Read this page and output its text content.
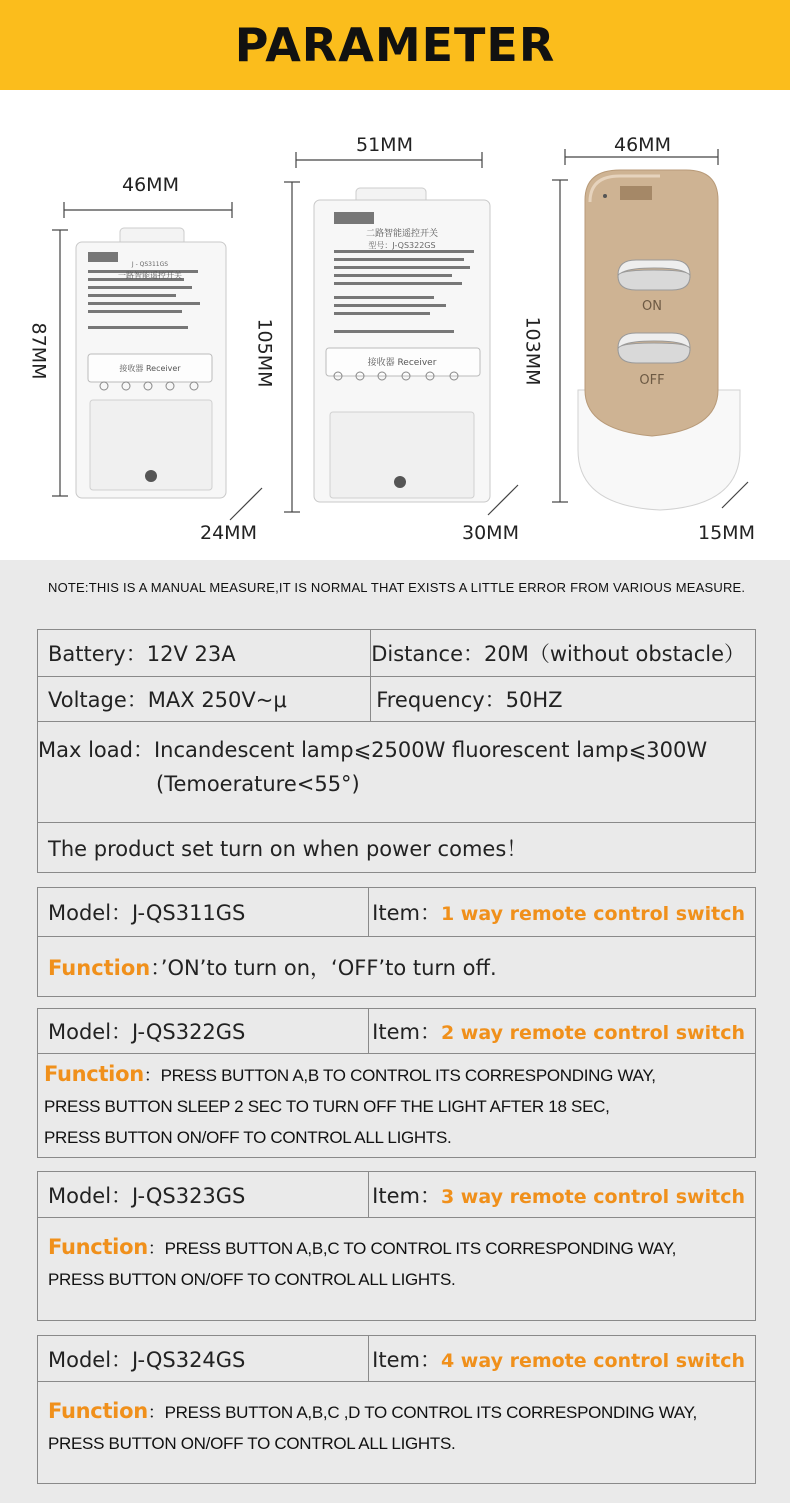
PARAMETER
一路智能遥控开关
J - QS311GS
接收器 Receiver
二路智能遥控开关
型号：J-QS322GS
接收器 Receiver
ON
OFF
46MM
87MM
24MM
51MM
105MM
30MM
46MM
103MM
15MM
NOTE:THIS IS A MANUAL MEASURE,IT IS NORMAL THAT EXISTS A LITTLE ERROR FROM VARIOUS MEASURE.
Battery：12V 23A	Distance：20M（without obstacle）
Voltage：MAX 250V~μ	Frequency：50HZ

Max load：Incandescent lamp⩽2500W fluorescent lamp⩽300W
(Temoerature<55°)	

The product set turn on when power comes！	
Model：J-QS311GS	Item：1 way remote control switch
Function：’ON’to turn on，‘OFF’to turn off.
Model：J-QS322GS	Item：2 way remote control switch

Function：PRESS BUTTON A,B TO CONTROL ITS CORRESPONDING WAY,
PRESS BUTTON SLEEP 2 SEC TO TURN OFF THE LIGHT AFTER 18 SEC,
PRESS BUTTON ON/OFF TO CONTROL ALL LIGHTS.
Model：J-QS323GS	Item：3 way remote control switch

Function：PRESS BUTTON A,B,C TO CONTROL ITS CORRESPONDING WAY,
PRESS BUTTON ON/OFF TO CONTROL ALL LIGHTS.
Model：J-QS324GS	Item：4 way remote control switch

Function：PRESS BUTTON A,B,C ,D TO CONTROL ITS CORRESPONDING WAY,
PRESS BUTTON ON/OFF TO CONTROL ALL LIGHTS.
